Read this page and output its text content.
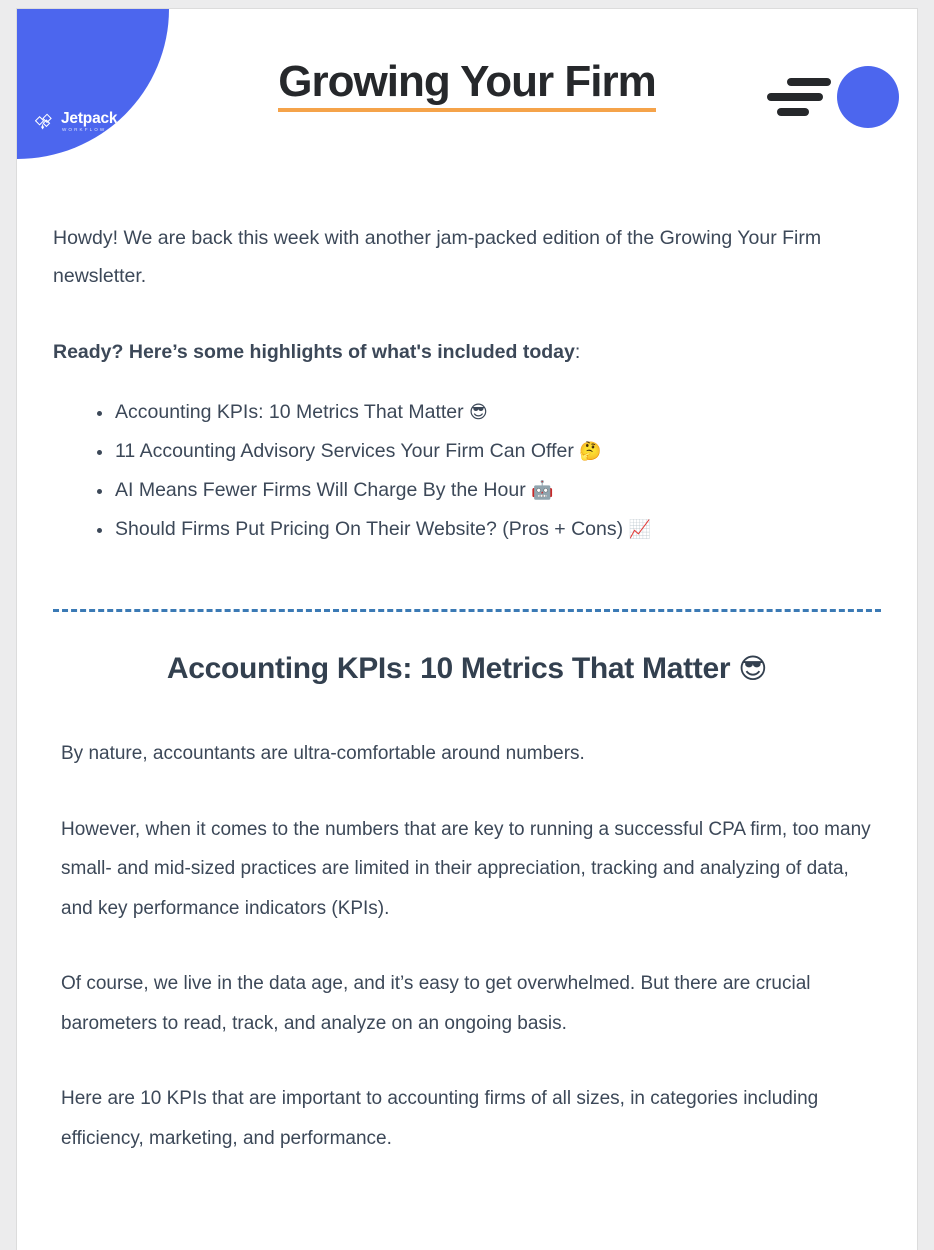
Jetpack
WORKFLOW
Growing Your Firm

Howdy! We are back this week with another jam-packed edition of the Growing Your Firm newsletter.

Ready? Here’s some highlights of what's included today:

Accounting KPIs: 10 Metrics That Matter 😎
11 Accounting Advisory Services Your Firm Can Offer 🤔
AI Means Fewer Firms Will Charge By the Hour 🤖
Should Firms Put Pricing On Their Website? (Pros + Cons) 📈
Accounting KPIs: 10 Metrics That Matter 😎

By nature, accountants are ultra-comfortable around numbers.

However, when it comes to the numbers that are key to running a successful CPA firm, too many small- and mid-sized practices are limited in their appreciation, tracking and analyzing of data, and key performance indicators (KPIs).

Of course, we live in the data age, and it’s easy to get overwhelmed. But there are crucial barometers to read, track, and analyze on an ongoing basis.

Here are 10 KPIs that are important to accounting firms of all sizes, in categories including efficiency, marketing, and performance.
